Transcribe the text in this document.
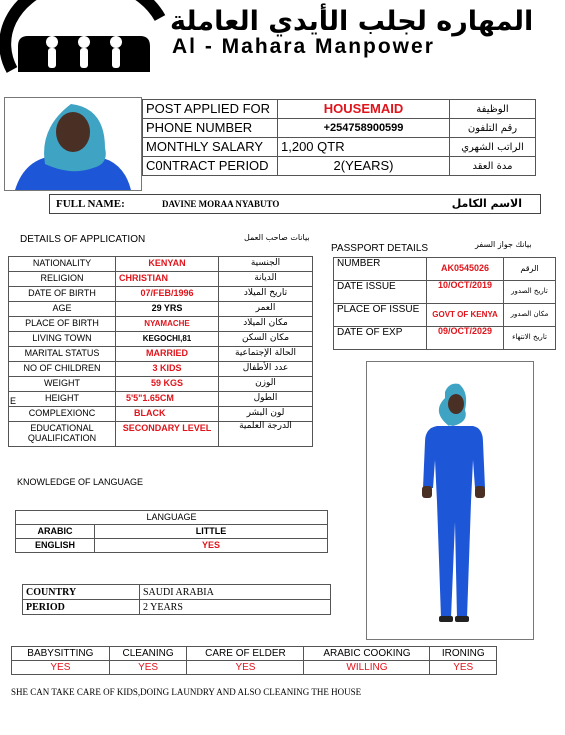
المهاره لجلب الأيدي العاملة
Al - Mahara Manpower
POST APPLIED FOR	HOUSEMAID	الوظيفة
PHONE NUMBER	+254758900599	رقم التلفون
MONTHLY SALARY	1,200 QTR	الراتب الشهري
C0NTRACT PERIOD	2(YEARS)	مدة العقد
FULL NAME:	DAVINE MORAA NYABUTO	الاسم الكامل
DETAILS OF APPLICATION	بيانات صاحب العمل
E
NATIONALITY	KENYAN	الجنسية
RELIGION	CHRISTIAN	الديانة
DATE OF BIRTH	07/FEB/1996	تاريخ الميلاد
AGE	29 YRS	العمر
PLACE OF BIRTH	NYAMACHE	مكان الميلاد
LIVING TOWN	KEGOCHI,81	مكان السكن
MARITAL STATUS	MARRIED	الحالة الإجتماعية
NO OF CHILDREN	3 KIDS	عدد الأطفال
WEIGHT	59 KGS	الوزن
HEIGHT	5'5"1.65CM	الطول
COMPLEXIONC	BLACK	لون البشر
EDUCATIONAL QUALIFICATION	SECONDARY LEVEL	الدرجة العلمية
PASSPORT DETAILS	بيانك جواز السفر
NUMBER	AK0545026	الرقم
DATE ISSUE	10/OCT/2019	تاريخ الصدور
PLACE OF ISSUE	GOVT OF KENYA	مكان الصدور
DATE OF EXP	09/OCT/2029	تاريخ الانتهاء
KNOWLEDGE OF LANGUAGE
LANGUAGE	
ARABIC	LITTLE
ENGLISH	YES
COUNTRY	SAUDI ARABIA
PERIOD	2 YEARS
BABYSITTING	CLEANING	CARE OF ELDER	ARABIC COOKING	IRONING
YES	YES	YES	WILLING	YES
SHE CAN TAKE CARE OF KIDS,DOING LAUNDRY AND ALSO CLEANING THE HOUSE
